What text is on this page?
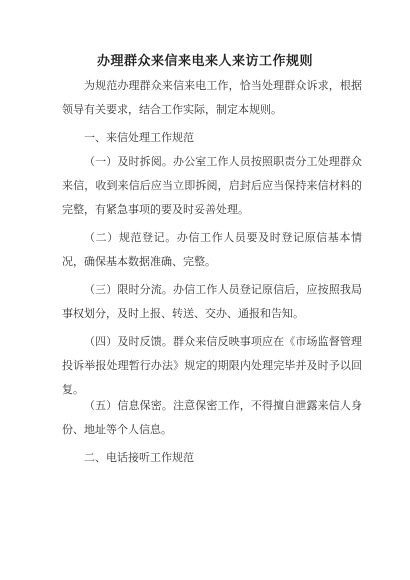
办理群众来信来电来人来访工作规则

为规范办理群众来信来电工作，恰当处理群众诉求，根据领导有关要求，结合工作实际，制定本规则。

一、来信处理工作规范

（一）及时拆阅。办公室工作人员按照职责分工处理群众来信，收到来信后应当立即拆阅，启封后应当保持来信材料的完整，有紧急事项的要及时妥善处理。

（二）规范登记。办信工作人员要及时登记原信基本情况，确保基本数据准确、完整。

（三）限时分流。办信工作人员登记原信后，应按照我局事权划分，及时上报、转送、交办、通报和告知。

（四）及时反馈。群众来信反映事项应在《市场监督管理投诉举报处理暂行办法》规定的期限内处理完毕并及时予以回复。

（五）信息保密。注意保密工作，不得擅自泄露来信人身份、地址等个人信息。

二、电话接听工作规范
